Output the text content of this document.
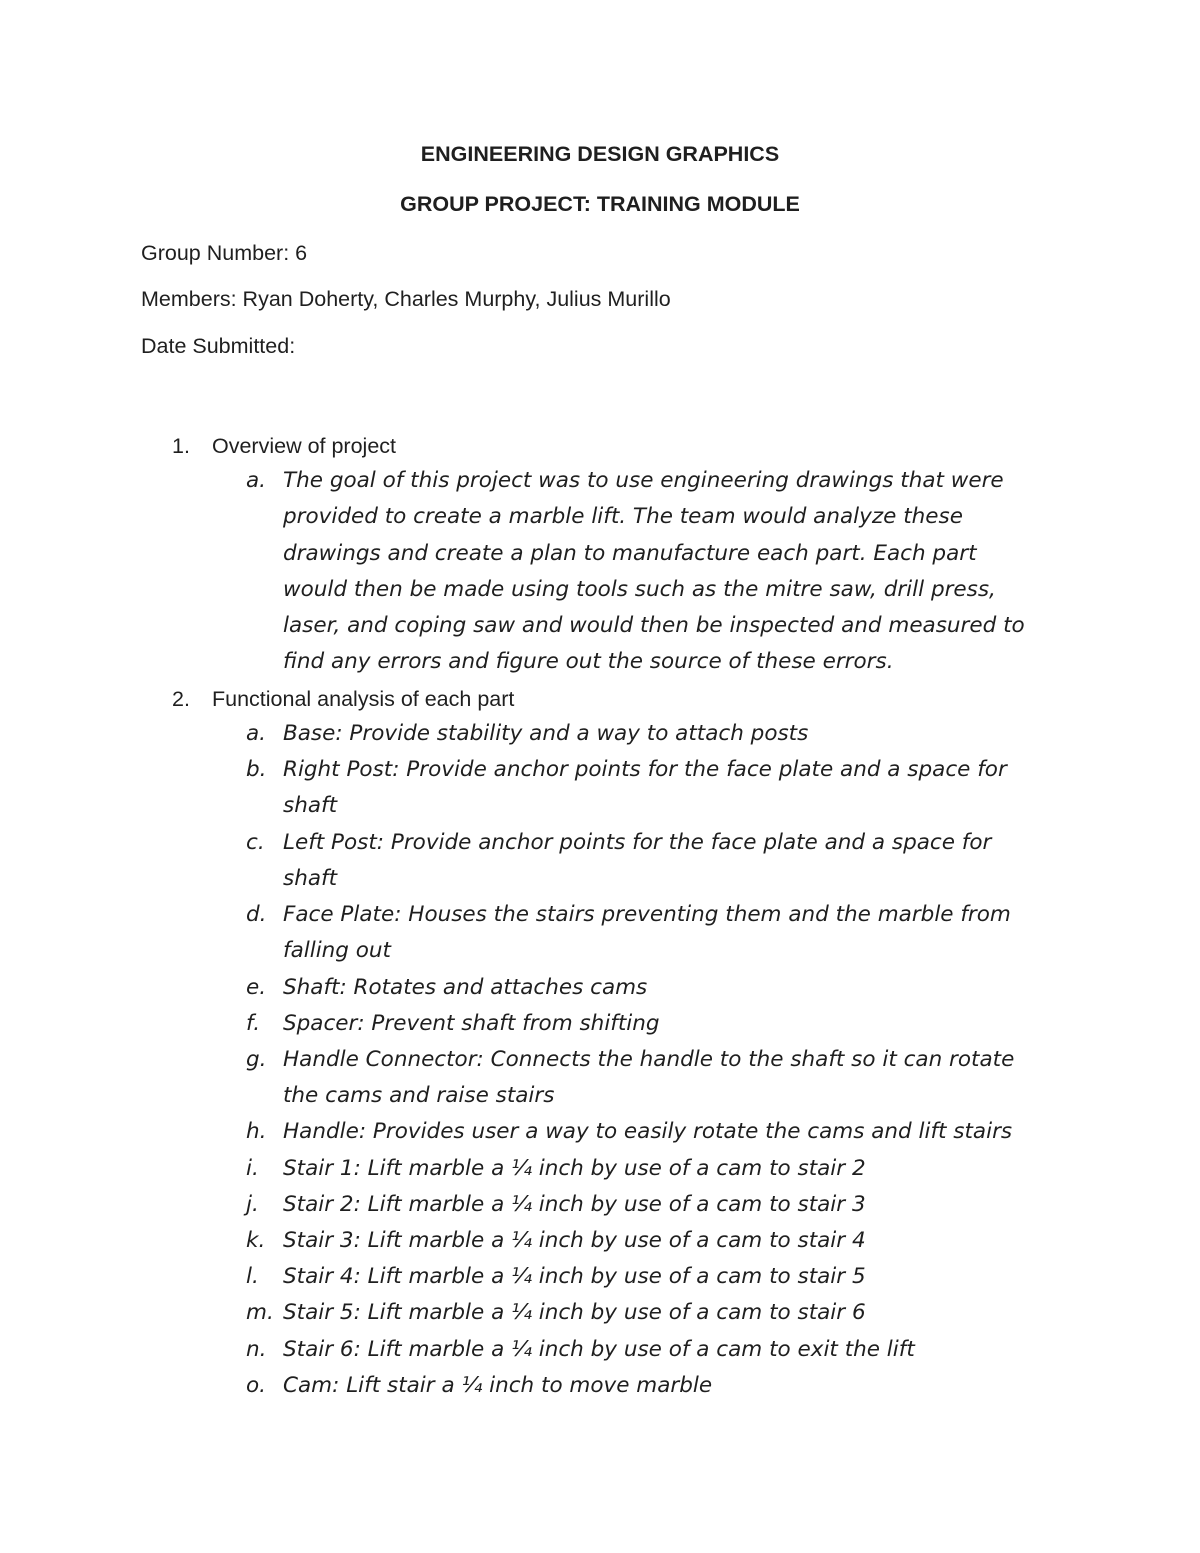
ENGINEERING DESIGN GRAPHICS
GROUP PROJECT: TRAINING MODULE
Group Number: 6
Members: Ryan Doherty, Charles Murphy, Julius Murillo
Date Submitted:
1. Overview of project
a. The goal of this project was to use engineering drawings that were
provided to create a marble lift. The team would analyze these
drawings and create a plan to manufacture each part. Each part
would then be made using tools such as the mitre saw, drill press,
laser, and coping saw and would then be inspected and measured to
find any errors and figure out the source of these errors.
2. Functional analysis of each part
a. Base: Provide stability and a way to attach posts
b. Right Post: Provide anchor points for the face plate and a space for
shaft
c. Left Post: Provide anchor points for the face plate and a space for
shaft
d. Face Plate: Houses the stairs preventing them and the marble from
falling out
e. Shaft: Rotates and attaches cams
f.	Spacer: Prevent shaft from shifting
g. Handle Connector: Connects the handle to the shaft so it can rotate
the cams and raise stairs
h. Handle: Provides user a way to easily rotate the cams and lift stairs
i.	Stair 1: Lift marble a ¼ inch by use of a cam to stair 2
j.	Stair 2: Lift marble a ¼ inch by use of a cam to stair 3
k. Stair 3: Lift marble a ¼ inch by use of a cam to stair 4
l.	Stair 4: Lift marble a ¼ inch by use of a cam to stair 5
m. Stair 5: Lift marble a ¼ inch by use of a cam to stair 6
n. Stair 6: Lift marble a ¼ inch by use of a cam to exit the lift
o. Cam: Lift stair a ¼ inch to move marble
